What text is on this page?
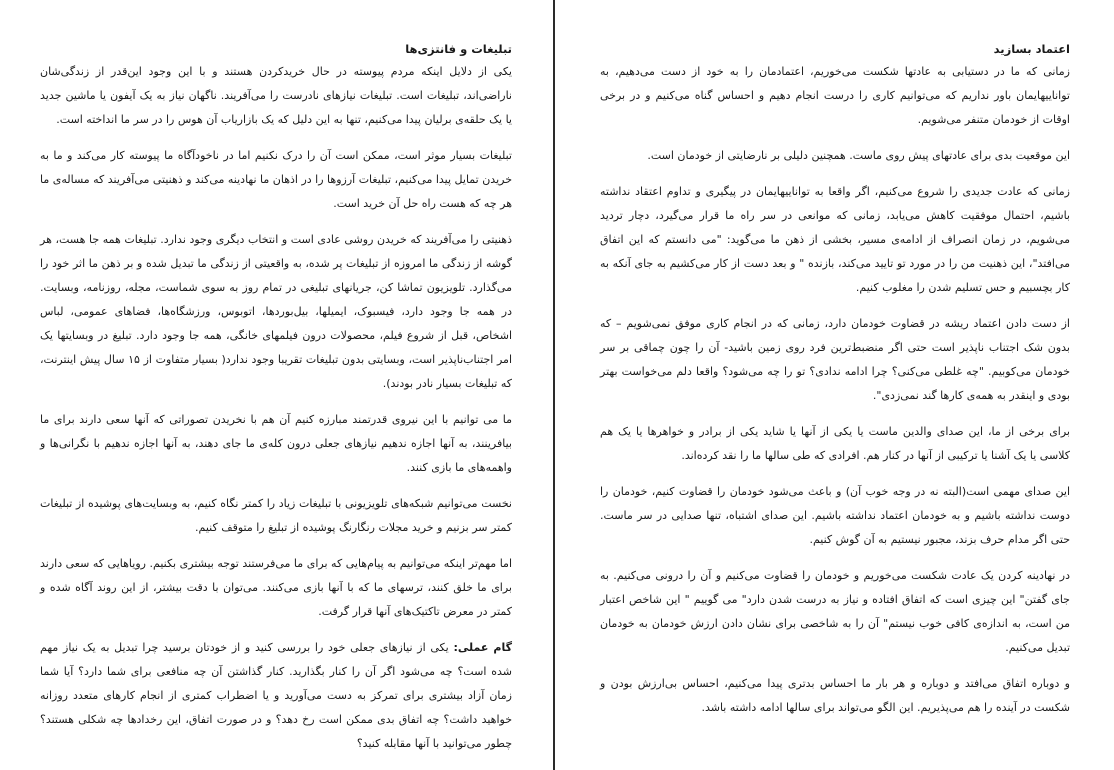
تبلیغات و فانتزی‌ها

یکی از دلایل اینکه مردم پیوسته در حال خریدکردن هستند و با این وجود این‌قدر از زندگی‌شان ناراضی‌اند، تبلیغات است. تبلیغات نیازهای نادرست را می‌آفریند. ناگهان نیاز به یک آیفون یا ماشین جدید یا یک حلقه‌ی برلیان پیدا می‌کنیم، تنها به این دلیل که یک بازاریاب آن هوس را در سر ما انداخته است.

تبلیغات بسیار موثر است، ممکن است آن را درک نکنیم اما در ناخودآگاه ما پیوسته کار می‌کند و ما به خریدن تمایل پیدا می‌کنیم، تبلیغات آرزوها را در اذهان ما نهادینه می‌کند و ذهنیتی می‌آفریند که مساله‌ی ما هر چه که هست راه حل آن خرید است.

ذهنیتی را می‌آفریند که خریدن روشی عادی است و انتخاب دیگری وجود ندارد. تبلیغات همه جا هست، هر گوشه از زندگی ما امروزه از تبلیغات پر شده، به واقعیتی از زندگی ما تبدیل شده و بر ذهن ما اثر خود را می‌گذارد. تلویزیون تماشا کن، جریانهای تبلیغی در تمام روز به سوی شماست، مجله، روزنامه، وبسایت. در همه جا وجود دارد، فیسبوک، ایمیلها، بیل‌بوردها، اتوبوس، ورزشگاه‌ها، فضاهای عمومی، لباس اشخاص، قبل از شروع فیلم، محصولات درون فیلمهای خانگی، همه جا وجود دارد. تبلیغ در وبسایتها یک امر اجتناب‌ناپذیر است، وبسایتی بدون تبلیغات تقریبا وجود ندارد( بسیار متفاوت از ۱۵ سال پیش اینترنت، که تبلیغات بسیار نادر بودند).

ما می توانیم با این نیروی قدرتمند مبارزه کنیم آن هم با نخریدن تصوراتی که آنها سعی دارند برای ما بیافرینند، به آنها اجازه ندهیم نیازهای جعلی درون کله‌ی ما جای دهند، به آنها اجازه ندهیم با نگرانی‌ها و واهمه‌های ما بازی کنند.

نخست می‌توانیم شبکه‌های تلویزیونی با تبلیغات زیاد را کمتر نگاه کنیم، به وبسایت‌های پوشیده از تبلیغات کمتر سر بزنیم و خرید مجلات رنگارنگ پوشیده از تبلیغ را متوقف کنیم.

اما مهم‌تر اینکه می‌توانیم به پیام‌هایی که برای ما می‌فرستند توجه بیشتری بکنیم. رویاهایی که سعی دارند برای ما خلق کنند، ترسهای ما که با آنها بازی می‌کنند. می‌توان با دقت بیشتر، از این روند آگاه شده و کمتر در معرض تاکتیک‌های آنها قرار گرفت.

گام عملی: یکی از نیازهای جعلی خود را بررسی کنید و از خودتان برسید چرا تبدیل به یک نیاز مهم شده است؟ چه می‌شود اگر آن را کنار بگذارید. کنار گذاشتن آن چه منافعی برای شما دارد؟ آیا شما زمان آزاد بیشتری برای تمرکز به دست می‌آورید و یا اضطراب کمتری از انجام کارهای متعدد روزانه خواهید داشت؟ چه اتفاق بدی ممکن است رخ دهد؟ و در صورت اتفاق، این رخدادها چه شکلی هستند؟ چطور می‌توانید با آنها مقابله کنید؟

اعتماد بسازید

زمانی که ما در دستیابی به عادتها شکست می‌خوریم، اعتمادمان را به خود از دست می‌دهیم، به تواناییهایمان باور نداریم که می‌توانیم کاری را درست انجام دهیم و احساس گناه می‌کنیم و در برخی اوقات از خودمان متنفر می‌شویم.

این موقعیت بدی برای عادتهای پیش روی ماست. همچنین دلیلی بر نارضایتی از خودمان است.

زمانی که عادت جدیدی را شروع می‌کنیم، اگر واقعا به تواناییهایمان در پیگیری و تداوم اعتقاد نداشته باشیم، احتمال موفقیت کاهش می‌یابد، زمانی که موانعی در سر راه ما قرار می‌گیرد، دچار تردید می‌شویم، در زمان انصراف از ادامه‌ی مسیر، بخشی از ذهن ما می‌گوید: "می دانستم که این اتفاق می‌افتد"، این ذهنیت من را در مورد تو تایید می‌کند، بازنده " و بعد دست از کار می‌کشیم به جای آنکه به کار بچسبیم و حس تسلیم شدن را مغلوب کنیم.

از دست دادن اعتماد ریشه در قضاوت خودمان دارد، زمانی که در انجام کاری موفق نمی‌شویم – که بدون شک اجتناب ناپذیر است حتی اگر منضبط‌ترین فرد روی زمین باشید- آن را چون چماقی بر سر خودمان می‌کوبیم. "چه غلطی می‌کنی؟ چرا ادامه ندادی؟ تو را چه می‌شود؟ واقعا دلم می‌خواست بهتر بودی و اینقدر به همه‌ی کارها گند نمی‌زدی".

برای برخی از ما، این صدای والدین ماست یا یکی از آنها یا شاید یکی از برادر و خواهرها یا یک هم کلاسی یا یک آشنا یا ترکیبی از آنها در کنار هم. افرادی که طی سالها ما را نقد کرده‌اند.

این صدای مهمی است(البته نه در وجه خوب آن) و باعث می‌شود خودمان را قضاوت کنیم، خودمان را دوست نداشته باشیم و به خودمان اعتماد نداشته باشیم. این صدای اشتباه، تنها صدایی در سر ماست. حتی اگر مدام حرف بزند، مجبور نیستیم به آن گوش کنیم.

در نهادینه کردن یک عادت شکست می‌خوریم و خودمان را قضاوت می‌کنیم و آن را درونی می‌کنیم. به جای گفتن" این چیزی است که اتفاق افتاده و نیاز به درست شدن دارد" می گوییم " این شاخص اعتبار من است، به اندازه‌ی کافی خوب نیستم" آن را به شاخصی برای نشان دادن ارزش خودمان به خودمان تبدیل می‌کنیم.

و دوباره اتفاق می‌افتد و دوباره و هر بار ما احساس بدتری پیدا می‌کنیم، احساس بی‌ارزش بودن و شکست در آینده را هم می‌پذیریم. این الگو می‌تواند برای سالها ادامه داشته باشد.
